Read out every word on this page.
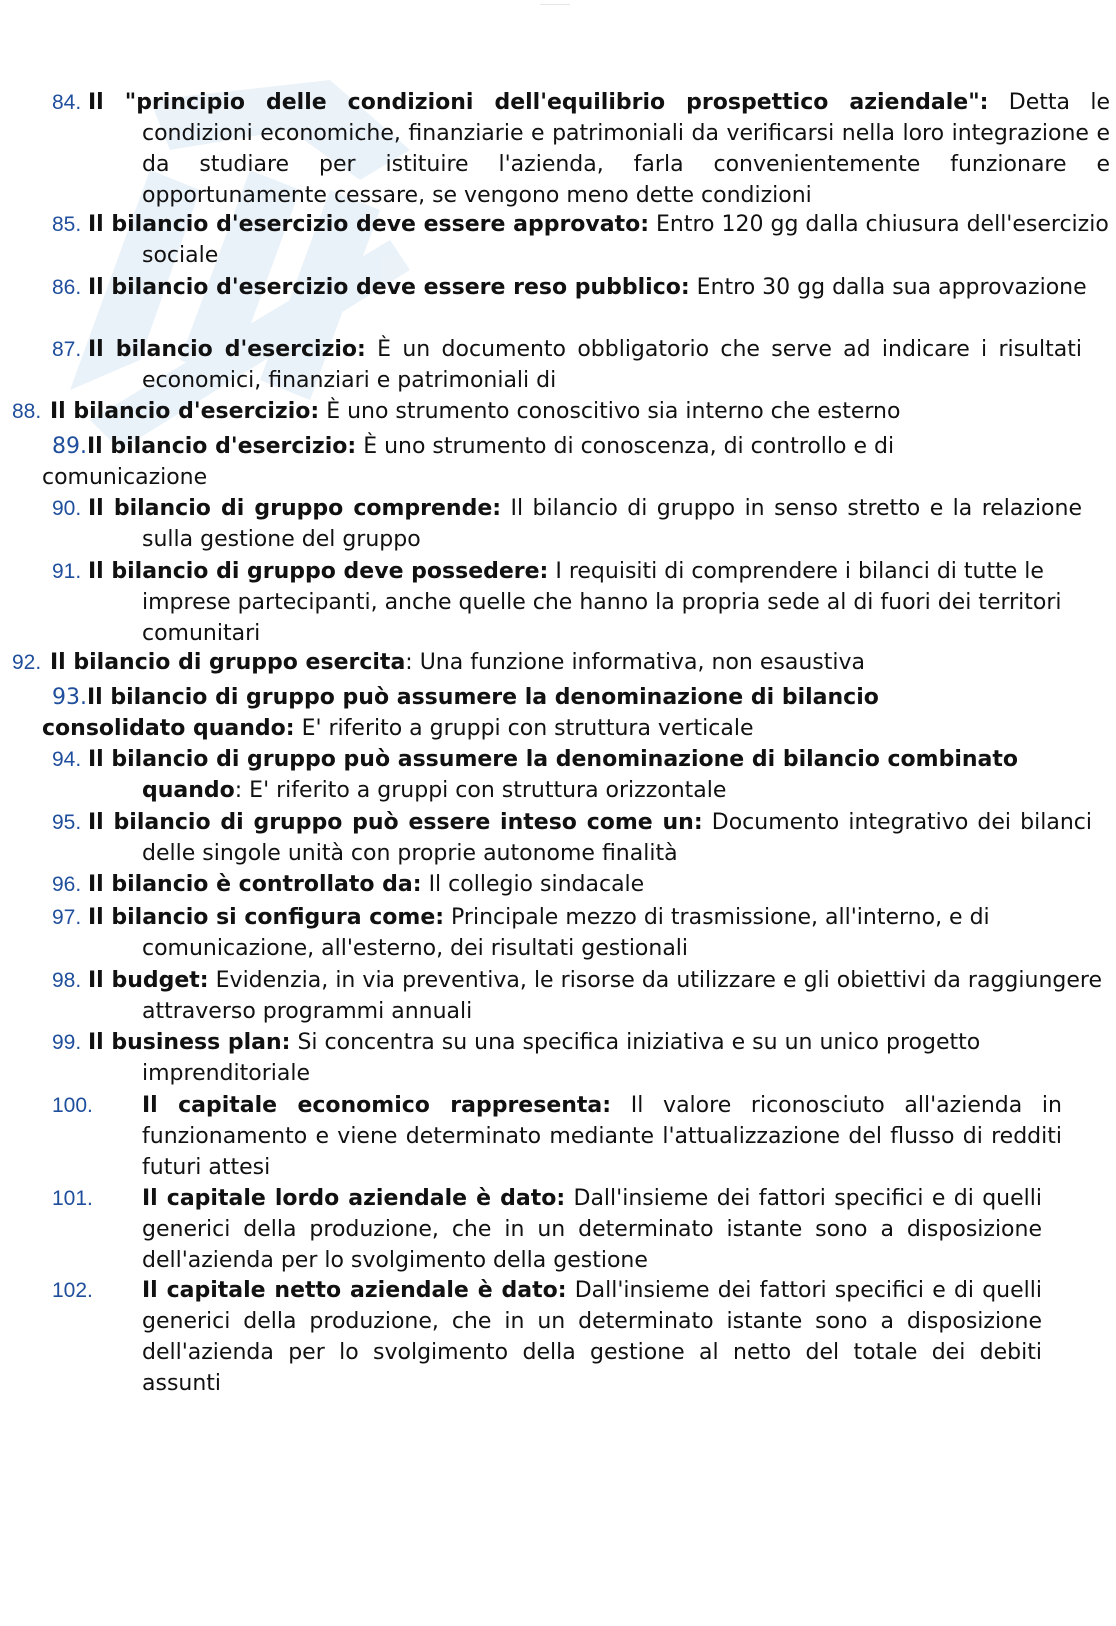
84. Il "principio delle condizioni dell'equilibrio prospettico aziendale": Detta le condizioni economiche, finanziarie e patrimoniali da verificarsi nella loro integrazione e da studiare per istituire l'azienda, farla convenientemente funzionare e opportunamente cessare, se vengono meno dette condizioni
85. Il bilancio d'esercizio deve essere approvato: Entro 120 gg dalla chiusura dell'esercizio sociale
86. Il bilancio d'esercizio deve essere reso pubblico: Entro 30 gg dalla sua approvazione
87. Il bilancio d'esercizio: È un documento obbligatorio che serve ad indicare i risultati economici, finanziari e patrimoniali di
88. Il bilancio d'esercizio: È uno strumento conoscitivo sia interno che esterno
89.Il bilancio d'esercizio: È uno strumento di conoscenza, di controllo e di comunicazione
90. Il bilancio di gruppo comprende: Il bilancio di gruppo in senso stretto e la relazione sulla gestione del gruppo
91. Il bilancio di gruppo deve possedere: I requisiti di comprendere i bilanci di tutte le imprese partecipanti, anche quelle che hanno la propria sede al di fuori dei territori comunitari
92. Il bilancio di gruppo esercita: Una funzione informativa, non esaustiva
93.Il bilancio di gruppo può assumere la denominazione di bilancio consolidato quando: E' riferito a gruppi con struttura verticale
94. Il bilancio di gruppo può assumere la denominazione di bilancio combinato quando: E' riferito a gruppi con struttura orizzontale
95. Il bilancio di gruppo può essere inteso come un: Documento integrativo dei bilanci delle singole unità con proprie autonome finalità
96. Il bilancio è controllato da: Il collegio sindacale
97. Il bilancio si configura come: Principale mezzo di trasmissione, all'interno, e di comunicazione, all'esterno, dei risultati gestionali
98. Il budget: Evidenzia, in via preventiva, le risorse da utilizzare e gli obiettivi da raggiungere attraverso programmi annuali
99. Il business plan: Si concentra su una specifica iniziativa e su un unico progetto imprenditoriale
100. Il capitale economico rappresenta: Il valore riconosciuto all'azienda in funzionamento e viene determinato mediante l'attualizzazione del flusso di redditi futuri attesi
101. Il capitale lordo aziendale è dato: Dall'insieme dei fattori specifici e di quelli generici della produzione, che in un determinato istante sono a disposizione dell'azienda per lo svolgimento della gestione
102. Il capitale netto aziendale è dato: Dall'insieme dei fattori specifici e di quelli generici della produzione, che in un determinato istante sono a disposizione dell'azienda per lo svolgimento della gestione al netto del totale dei debiti assunti
